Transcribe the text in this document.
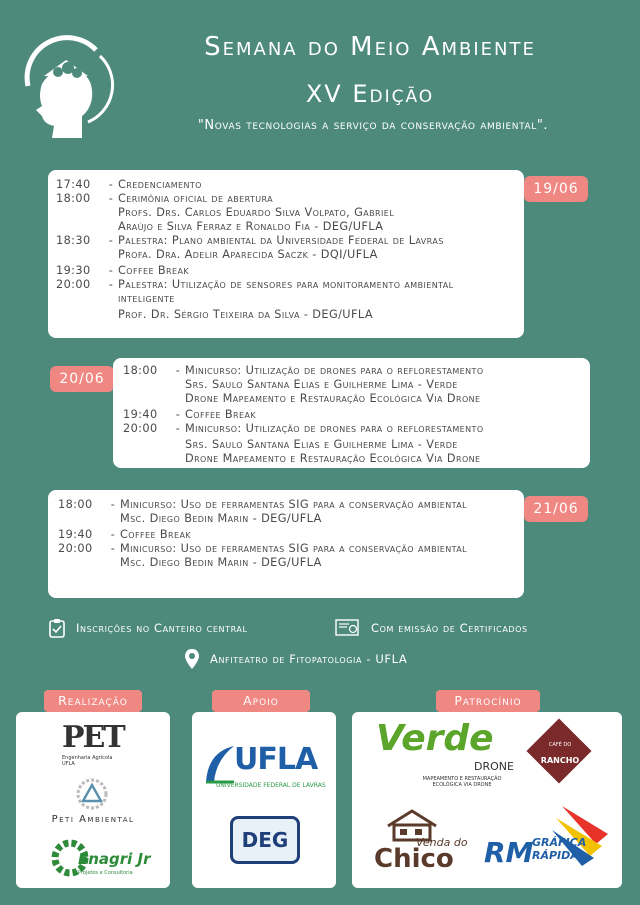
Semana do Meio Ambiente
XV Edição
"Novas tecnologias a serviço da conservação ambiental".
17:40	- Credenciamento
18:00	- Cerimônia oficial de abertura
Profs. Drs. Carlos Eduardo Silva Volpato, Gabriel
Araújo e Silva Ferraz e Ronaldo Fia - DEG/UFLA
18:30	- Palestra: Plano ambiental da Universidade Federal de Lavras
Profa. Dra. Adelir Aparecida Saczk - DQI/UFLA
19:30	- Coffee Break
20:00	- Palestra: Utilização de sensores para monitoramento ambiental inteligente
Prof. Dr. Sérgio Teixeira da Silva - DEG/UFLA
19/06
20/06
18:00	- Minicurso: Utilização de drones para o reflorestamento
Srs. Saulo Santana Elias e Guilherme Lima - Verde
Drone Mapeamento e Restauração Ecológica Via Drone
19:40	- Coffee Break
20:00	- Minicurso: Utilização de drones para o reflorestamento
Srs. Saulo Santana Elias e Guilherme Lima - Verde
Drone Mapeamento e Restauração Ecológica Via Drone
18:00	- Minicurso: Uso de ferramentas SIG para a conservação ambiental
Msc. Diego Bedin Marin - DEG/UFLA
19:40	- Coffee Break
20:00	- Minicurso: Uso de ferramentas SIG para a conservação ambiental
Msc. Diego Bedin Marin - DEG/UFLA
21/06
Inscrições no Canteiro central	Com emissão de Certificados
Anfiteatro de Fitopatologia - UFLA
Realização	Apoio	Patrocínio
PET
Engenharia Agrícola UFLA
Peti Ambiental
Enagri Jr
Projetos e Consultoria
UFLA
UNIVERSIDADE FEDERAL DE LAVRAS
DEG
Verde
DRONE
MAPEAMENTO E RESTAURAÇÃO
ECOLÓGICA VIA DRONE
CAFÉ DO
RANCHO
Venda do
Chico RM
GRÁFICA
RÁPIDA
